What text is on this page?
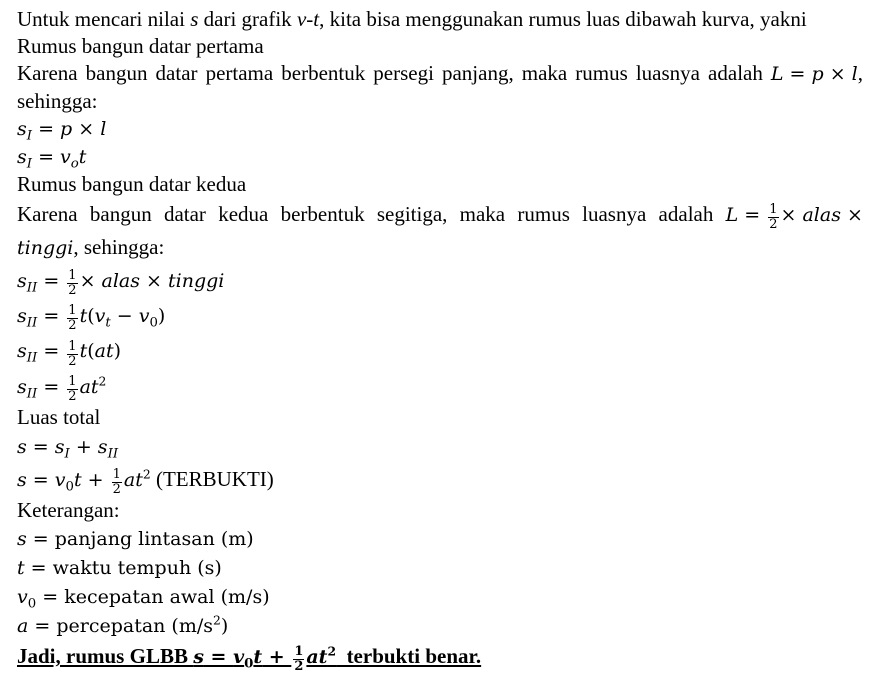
Untuk mencari nilai s dari grafik v-t, kita bisa menggunakan rumus luas dibawah kurva, yakni
Rumus bangun datar pertama
Karena bangun datar pertama berbentuk persegi panjang, maka rumus luasnya adalah L = p × l,
sehingga:
$s_I = p \times l$
$s_I = v_ot$
Rumus bangun datar kedua
Karena bangun datar kedua berbentuk segitiga, maka rumus luasnya adalah $L = \frac{1}{2}$ × alas ×
tinggi, sehingga:
$s_{II} = \frac{1}{2}$ × alas × tinggi
$s_{II} = \frac{1}{2} t(v_t - v_0)$
$s_{II} = \frac{1}{2} t(at)$
$s_{II} = \frac{1}{2} at^2$
Luas total
$s = s_I + s_{II}$
$s = v_0t + \frac{1}{2} at^2$ (TERBUKTI)
Keterangan:
s = panjang lintasan (m)
t = waktu tempuh (s)
$v_0$ = kecepatan awal (m/s)
a = percepatan $(m/s^2)$
Jadi, rumus GLBB $s = v_0t + \frac{1}{2} at^2$  terbukti benar.
